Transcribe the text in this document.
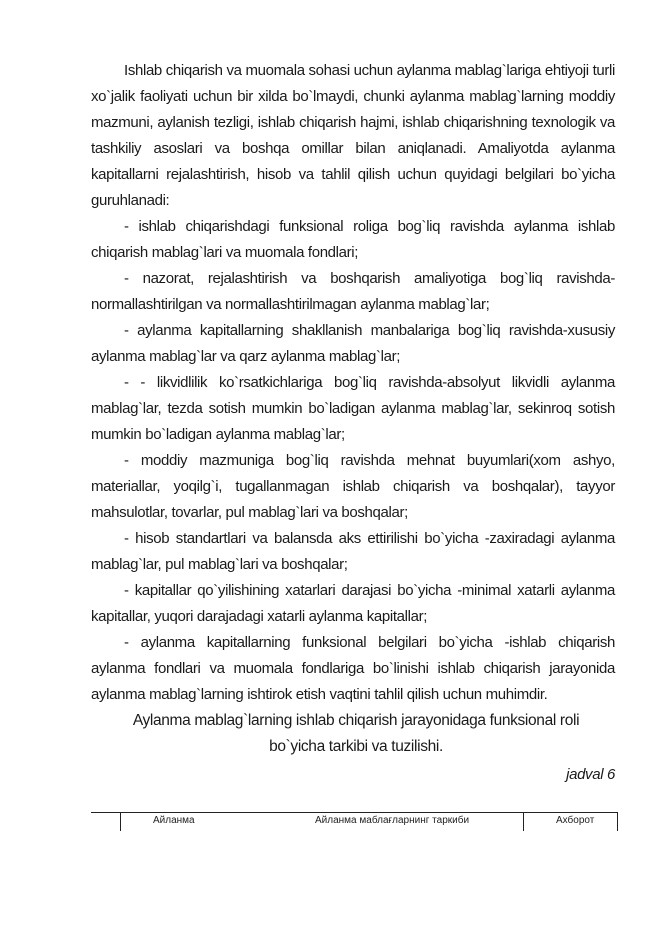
Ishlab chiqarish va muomala sohasi uchun aylanma mablag`lariga ehtiyoji turli xo`jalik faoliyati uchun bir xilda bo`lmaydi, chunki aylanma mablag`larning moddiy mazmuni, aylanish tezligi, ishlab chiqarish hajmi, ishlab chiqarishning texnologik va tashkiliy asoslari va boshqa omillar bilan aniqlanadi. Amaliyotda aylanma kapitallarni rejalashtirish, hisob va tahlil qilish uchun quyidagi belgilari bo`yicha guruhlanadi:

- ishlab chiqarishdagi funksional roliga bog`liq ravishda aylanma ishlab chiqarish mablag`lari va muomala fondlari;

- nazorat, rejalashtirish va boshqarish amaliyotiga bog`liq ravishda-normallashtirilgan va normallashtirilmagan aylanma mablag`lar;

- aylanma kapitallarning shakllanish manbalariga bog`liq ravishda-xususiy aylanma mablag`lar va qarz aylanma mablag`lar;

- - likvidlilik ko`rsatkichlariga bog`liq ravishda-absolyut likvidli aylanma mablag`lar, tezda sotish mumkin bo`ladigan aylanma mablag`lar, sekinroq sotish mumkin bo`ladigan aylanma mablag`lar;

- moddiy mazmuniga bog`liq ravishda mehnat buyumlari(xom ashyo, materiallar, yoqilg`i, tugallanmagan ishlab chiqarish va boshqalar), tayyor mahsulotlar, tovarlar, pul mablag`lari va boshqalar;

- hisob standartlari va balansda aks ettirilishi bo`yicha -zaxiradagi aylanma mablag`lar, pul mablag`lari va boshqalar;

- kapitallar qo`yilishining xatarlari darajasi bo`yicha -minimal xatarli aylanma kapitallar, yuqori darajadagi xatarli aylanma kapitallar;

- aylanma kapitallarning funksional belgilari bo`yicha -ishlab chiqarish aylanma fondlari va muomala fondlariga bo`linishi ishlab chiqarish jarayonida aylanma mablag`larning ishtirok etish vaqtini tahlil qilish uchun muhimdir.

Aylanma mablag`larning ishlab chiqarish jarayonidaga funksional roli bo`yicha tarkibi va tuzilishi.

jadval 6

Айланма	Айланма маблағларнинг таркиби	Ахборот
